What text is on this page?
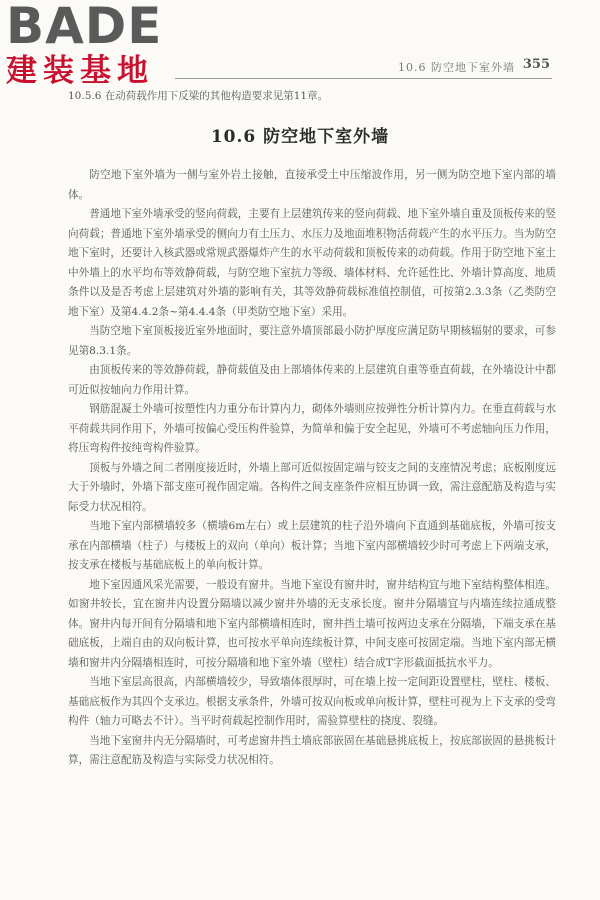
BADE
建装基地	10.6 防空地下室外墙 355
10.5.6 在动荷载作用下反梁的其他构造要求见第11章。
10.6 防空地下室外墙

防空地下室外墙为一侧与室外岩土接触，直接承受土中压缩波作用，另一侧为防空地下室内部的墙体。

普通地下室外墙承受的竖向荷载，主要有上层建筑传来的竖向荷载、地下室外墙自重及顶板传来的竖向荷载；普通地下室外墙承受的侧向力有土压力、水压力及地面堆积物活荷载产生的水平压力。当为防空地下室时，还要计入核武器或常规武器爆炸产生的水平动荷载和顶板传来的动荷载。作用于防空地下室土中外墙上的水平均布等效静荷载，与防空地下室抗力等级、墙体材料、允许延性比、外墙计算高度、地质条件以及是否考虑上层建筑对外墙的影响有关，其等效静荷载标准值控制值，可按第2.3.3条（乙类防空地下室）及第4.4.2条~第4.4.4条（甲类防空地下室）采用。

当防空地下室顶板接近室外地面时，要注意外墙顶部最小防护厚度应满足防早期核辐射的要求，可参见第8.3.1条。

由顶板传来的等效静荷载，静荷载值及由上部墙体传来的上层建筑自重等垂直荷载，在外墙设计中都可近似按轴向力作用计算。

钢筋混凝土外墙可按塑性内力重分布计算内力，砌体外墙则应按弹性分析计算内力。在垂直荷载与水平荷载共同作用下，外墙可按偏心受压构件验算，为简单和偏于安全起见，外墙可不考虑轴向压力作用，将压弯构件按纯弯构件验算。

顶板与外墙之间二者刚度接近时，外墙上部可近似按固定端与铰支之间的支座情况考虑；底板刚度远大于外墙时，外墙下部支座可视作固定端。各构件之间支座条件应相互协调一致，需注意配筋及构造与实际受力状况相符。

当地下室内部横墙较多（横墙6m左右）或上层建筑的柱子沿外墙向下直通到基础底板，外墙可按支承在内部横墙（柱子）与楼板上的双向（单向）板计算；当地下室内部横墙较少时可考虑上下两端支承，按支承在楼板与基础底板上的单向板计算。

地下室因通风采光需要，一般设有窗井。当地下室设有窗井时，窗井结构宜与地下室结构整体相连。如窗井较长，宜在窗井内设置分隔墙以减少窗井外墙的无支承长度。窗井分隔墙宜与内墙连续拉通成整体。窗井内每开间有分隔墙和地下室内部横墙相连时，窗井挡土墙可按两边支承在分隔墙，下端支承在基础底板，上端自由的双向板计算，也可按水平单向连续板计算，中间支座可按固定端。当地下室内部无横墙和窗井内分隔墙相连时，可按分隔墙和地下室外墙（壁柱）结合成T字形截面抵抗水平力。

当地下室层高很高，内部横墙较少，导致墙体很厚时，可在墙上按一定间距设置壁柱，壁柱、楼板、基础底板作为其四个支承边。根据支承条件，外墙可按双向板或单向板计算，壁柱可视为上下支承的受弯构件（轴力可略去不计）。当平时荷载起控制作用时，需验算壁柱的挠度、裂缝。

当地下室窗井内无分隔墙时，可考虑窗井挡土墙底部嵌固在基础悬挑底板上，按底部嵌固的悬挑板计算，需注意配筋及构造与实际受力状况相符。
